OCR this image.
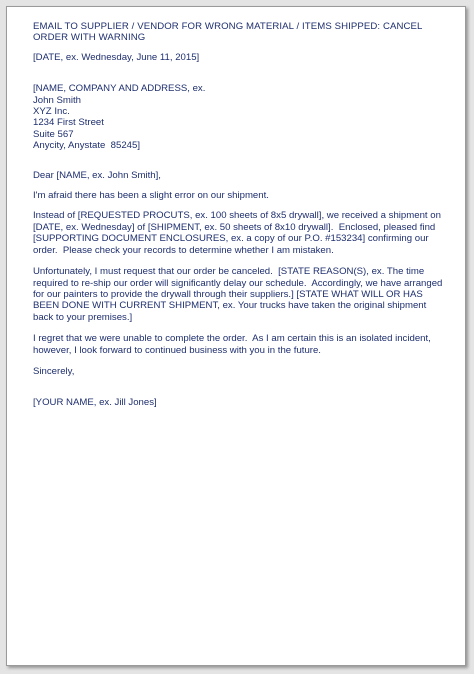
EMAIL TO SUPPLIER / VENDOR FOR WRONG MATERIAL / ITEMS SHIPPED: CANCEL
ORDER WITH WARNING
[DATE, ex. Wednesday, June 11, 2015]
[NAME, COMPANY AND ADDRESS, ex.
John Smith
XYZ Inc.
1234 First Street
Suite 567
Anycity, Anystate  85245]
Dear [NAME, ex. John Smith],
I'm afraid there has been a slight error on our shipment.
Instead of [REQUESTED PROCUTS, ex. 100 sheets of 8x5 drywall], we received a shipment on
[DATE, ex. Wednesday] of [SHIPMENT, ex. 50 sheets of 8x10 drywall].  Enclosed, pleased find
[SUPPORTING DOCUMENT ENCLOSURES, ex. a copy of our P.O. #153234] confirming our
order.  Please check your records to determine whether I am mistaken.
Unfortunately, I must request that our order be canceled.  [STATE REASON(S), ex. The time
required to re-ship our order will significantly delay our schedule.  Accordingly, we have arranged
for our painters to provide the drywall through their suppliers.] [STATE WHAT WILL OR HAS
BEEN DONE WITH CURRENT SHIPMENT, ex. Your trucks have taken the original shipment
back to your premises.]
I regret that we were unable to complete the order.  As I am certain this is an isolated incident,
however, I look forward to continued business with you in the future.
Sincerely,
[YOUR NAME, ex. Jill Jones]
